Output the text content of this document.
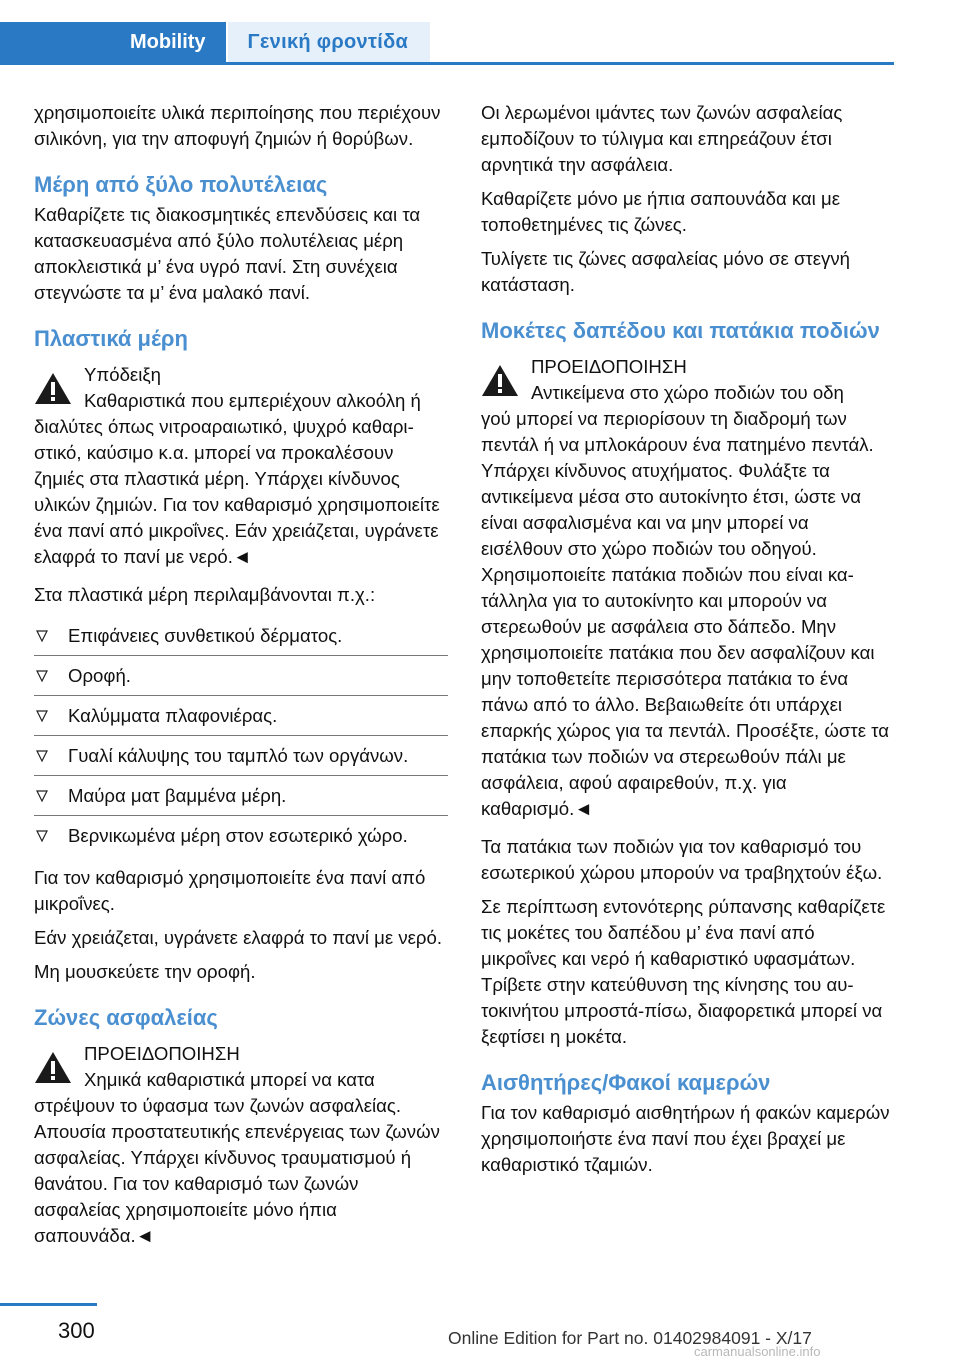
Mobility	Γενική φροντίδα

χρησιμοποιείτε υλικά περιποίησης που περιέχουν σιλικόνη, για την αποφυγή ζημιών ή θορύβων.

Μέρη από ξύλο πολυτέλειας

Καθαρίζετε τις διακοσμητικές επενδύσεις και τα κατασκευασμένα από ξύλο πολυτέλειας μέρη αποκλειστικά μ’ ένα υγρό πανί. Στη συνέχεια στεγνώστε τα μ’ ένα μαλακό πανί.

Πλαστικά μέρη
Υπόδειξη
Καθαριστικά που εμπεριέχουν αλκοόλη ή
διαλύτες όπως νιτροαραιωτικό, ψυχρό καθαριστικό, καύσιμο κ.α. μπορεί να προκαλέσουν ζημιές στα πλαστικά μέρη. Υπάρχει κίνδυνος υλικών ζημιών. Για τον καθαρισμό χρησιμοποιείτε ένα πανί από μικροΐνες. Εάν χρειάζεται, υγράνετε ελαφρά το πανί με νερό.◄

Στα πλαστικά μέρη περιλαμβάνονται π.χ.:

Επιφάνειες συνθετικού δέρματος.
Οροφή.
Καλύμματα πλαφονιέρας.
Γυαλί κάλυψης του ταμπλό των οργάνων.
Μαύρα ματ βαμμένα μέρη.
Βερνικωμένα μέρη στον εσωτερικό χώρο.

Για τον καθαρισμό χρησιμοποιείτε ένα πανί από μικροΐνες.

Εάν χρειάζεται, υγράνετε ελαφρά το πανί με νερό.

Μη μουσκεύετε την οροφή.

Ζώνες ασφαλείας
ΠΡΟΕΙΔΟΠΟΙΗΣΗ
Χημικά καθαριστικά μπορεί να κατα
στρέψουν το ύφασμα των ζωνών ασφαλείας. Απουσία προστατευτικής επενέργειας των ζωνών ασφαλείας. Υπάρχει κίνδυνος τραυματισμού ή θανάτου. Για τον καθαρισμό των ζωνών ασφαλείας χρησιμοποιείτε μόνο ήπια σαπουνάδα.◄

Οι λερωμένοι ιμάντες των ζωνών ασφαλείας εμποδίζουν το τύλιγμα και επηρεάζουν έτσι αρνητικά την ασφάλεια.

Καθαρίζετε μόνο με ήπια σαπουνάδα και με τοποθετημένες τις ζώνες.

Τυλίγετε τις ζώνες ασφαλείας μόνο σε στεγνή κατάσταση.

Μοκέτες δαπέδου και πατάκια ποδιών
ΠΡΟΕΙΔΟΠΟΙΗΣΗ
Αντικείμενα στο χώρο ποδιών του οδη
γού μπορεί να περιορίσουν τη διαδρομή των πεντάλ ή να μπλοκάρουν ένα πατημένο πεντάλ. Υπάρχει κίνδυνος ατυχήματος. Φυλάξτε τα αντικείμενα μέσα στο αυτοκίνητο έτσι, ώστε να είναι ασφαλισμένα και να μην μπορεί να εισέλθουν στο χώρο ποδιών του οδηγού. Χρησιμοποιείτε πατάκια ποδιών που είναι κατάλληλα για το αυτοκίνητο και μπορούν να στερεωθούν με ασφάλεια στο δάπεδο. Μην χρησιμοποιείτε πατάκια που δεν ασφαλίζουν και μην τοποθετείτε περισσότερα πατάκια το ένα πάνω από το άλλο. Βεβαιωθείτε ότι υπάρχει επαρκής χώρος για τα πεντάλ. Προσέξτε, ώστε τα πατάκια των ποδιών να στερεωθούν πάλι με ασφάλεια, αφού αφαιρεθούν, π.χ. για καθαρισμό.◄

Τα πατάκια των ποδιών για τον καθαρισμό του εσωτερικού χώρου μπορούν να τραβηχτούν έξω.

Σε περίπτωση εντονότερης ρύπανσης καθαρίζετε τις μοκέτες του δαπέδου μ’ ένα πανί από μικροΐνες και νερό ή καθαριστικό υφασμάτων. Τρίβετε στην κατεύθυνση της κίνησης του αυτοκινήτου μπροστά-πίσω, διαφορετικά μπορεί να ξεφτίσει η μοκέτα.

Αισθητήρες/Φακοί καμερών

Για τον καθαρισμό αισθητήρων ή φακών καμερών χρησιμοποιήστε ένα πανί που έχει βραχεί με καθαριστικό τζαμιών.

300	Online Edition for Part no. 01402984091 - X/17
carmanualsonline.info
